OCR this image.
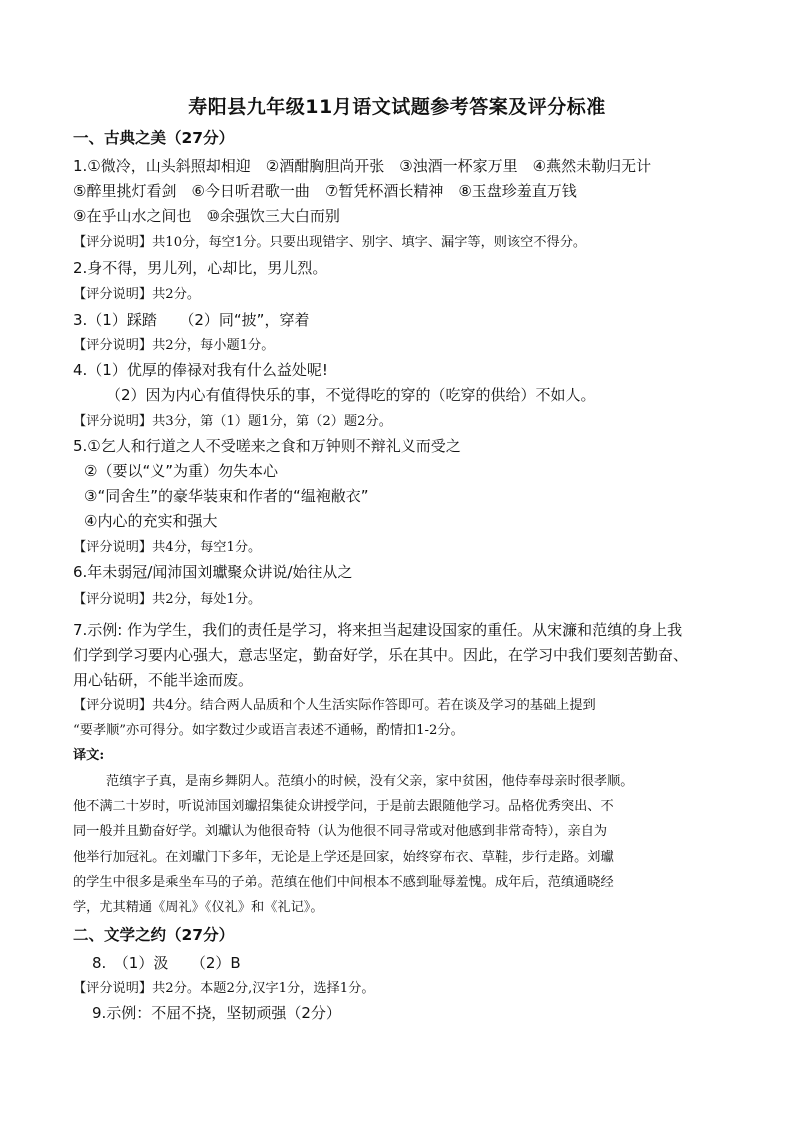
寿阳县九年级11月语文试题参考答案及评分标准
一、古典之美（27分）
1.①微冷，山头斜照却相迎　②酒酣胸胆尚开张　③浊酒一杯家万里　④燕然未勒归无计
⑤醉里挑灯看剑　⑥今日听君歌一曲　⑦暂凭杯酒长精神　⑧玉盘珍羞直万钱
⑨在乎山水之间也　⑩余强饮三大白而别
【评分说明】共10分，每空1分。只要出现错字、别字、填字、漏字等，则该空不得分。
2.身不得，男儿列，心却比，男儿烈。
【评分说明】共2分。
3.（1）踩踏　　（2）同“披”，穿着
【评分说明】共2分，每小题1分。
4.（1）优厚的俸禄对我有什么益处呢!
（2）因为内心有值得快乐的事，不觉得吃的穿的（吃穿的供给）不如人。
【评分说明】共3分，第（1）题1分，第（2）题2分。
5.①乞人和行道之人不受嗟来之食和万钟则不辩礼义而受之
②（要以“义”为重）勿失本心
③“同舍生”的豪华装束和作者的“缊袍敝衣”
④内心的充实和强大
【评分说明】共4分，每空1分。
6.年未弱冠/闻沛国刘瓛聚众讲说/始往从之
【评分说明】共2分，每处1分。
7.示例: 作为学生，我们的责任是学习，将来担当起建设国家的重任。从宋濂和范缜的身上我
们学到学习要内心强大，意志坚定，勤奋好学，乐在其中。因此，在学习中我们要刻苦勤奋、
用心钻研，不能半途而废。
【评分说明】共4分。结合两人品质和个人生活实际作答即可。若在谈及学习的基础上提到
“要孝顺”亦可得分。如字数过少或语言表述不通畅，酌情扣1-2分。
译文:
范缜字子真，是南乡舞阴人。范缜小的时候，没有父亲，家中贫困，他侍奉母亲时很孝顺。
他不满二十岁时，听说沛国刘瓛招集徒众讲授学问，于是前去跟随他学习。品格优秀突出、不
同一般并且勤奋好学。刘瓛认为他很奇特（认为他很不同寻常或对他感到非常奇特），亲自为
他举行加冠礼。在刘瓛门下多年，无论是上学还是回家，始终穿布衣、草鞋，步行走路。刘瓛
的学生中很多是乘坐车马的子弟。范缜在他们中间根本不感到耻辱羞愧。成年后，范缜通晓经
学，尤其精通《周礼》《仪礼》和《礼记》。
二、文学之约（27分）
8.　（1）汲　　（2）B
【评分说明】共2分。本题2分,汉字1分，选择1分。
9.示例：不屈不挠，坚韧顽强（2分）
